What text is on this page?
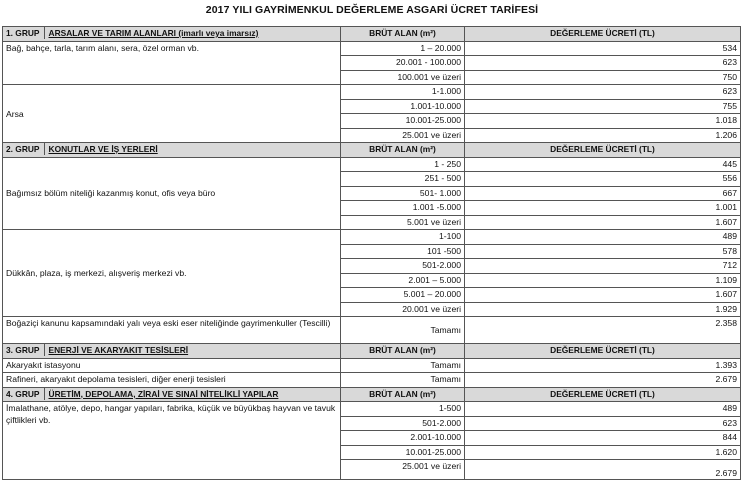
2017 YILI GAYRİMENKUL DEĞERLEME ASGARİ ÜCRET TARİFESİ
1. GRUP ARSALAR VE TARIM ALANLARI (imarlı veya imarsız)	BRÜT ALAN (m²)	DEĞERLEME ÜCRETİ (TL)
Bağ, bahçe, tarla, tarım alanı, sera, özel orman vb.	1 – 20.000	534
	20.001 - 100.000	623
	100.001 ve üzeri	750
Arsa	1-1.000	623
	1.001-10.000	755
	10.001-25.000	1.018
	25.001 ve üzeri	1.206
2. GRUP KONUTLAR VE İŞ YERLERİ	BRÜT ALAN (m²)	DEĞERLEME ÜCRETİ (TL)
Bağımsız bölüm niteliği kazanmış konut, ofis veya büro	1 - 250	445
	251 - 500	556
	501- 1.000	667
	1.001 -5.000	1.001
	5.001 ve üzeri	1.607
Dükkân, plaza, iş merkezi, alışveriş merkezi vb.	1-100	489
	101 -500	578
	501-2.000	712
	2.001 – 5.000	1.109
	5.001 – 20.000	1.607
	20.001 ve üzeri	1.929
Boğaziçi kanunu kapsamındaki yalı veya eski eser niteliğinde gayrimenkuller (Tescilli)	Tamamı	2.358
3. GRUP ENERJİ VE AKARYAKIT TESİSLERİ	BRÜT ALAN (m²)	DEĞERLEME ÜCRETİ (TL)
Akaryakıt istasyonu	Tamamı	1.393
Rafineri, akaryakıt depolama tesisleri, diğer enerji tesisleri	Tamamı	2.679
4. GRUP ÜRETİM, DEPOLAMA, ZİRAİ VE SINAİ NİTELİKLİ YAPILAR	BRÜT ALAN (m²)	DEĞERLEME ÜCRETİ (TL)
İmalathane, atölye, depo, hangar yapıları, fabrika, küçük ve büyükbaş hayvan ve tavuk çiftlikleri vb.	1-500	489
	501-2.000	623
	2.001-10.000	844
	10.001-25.000	1.620
	25.001 ve üzeri	2.679
